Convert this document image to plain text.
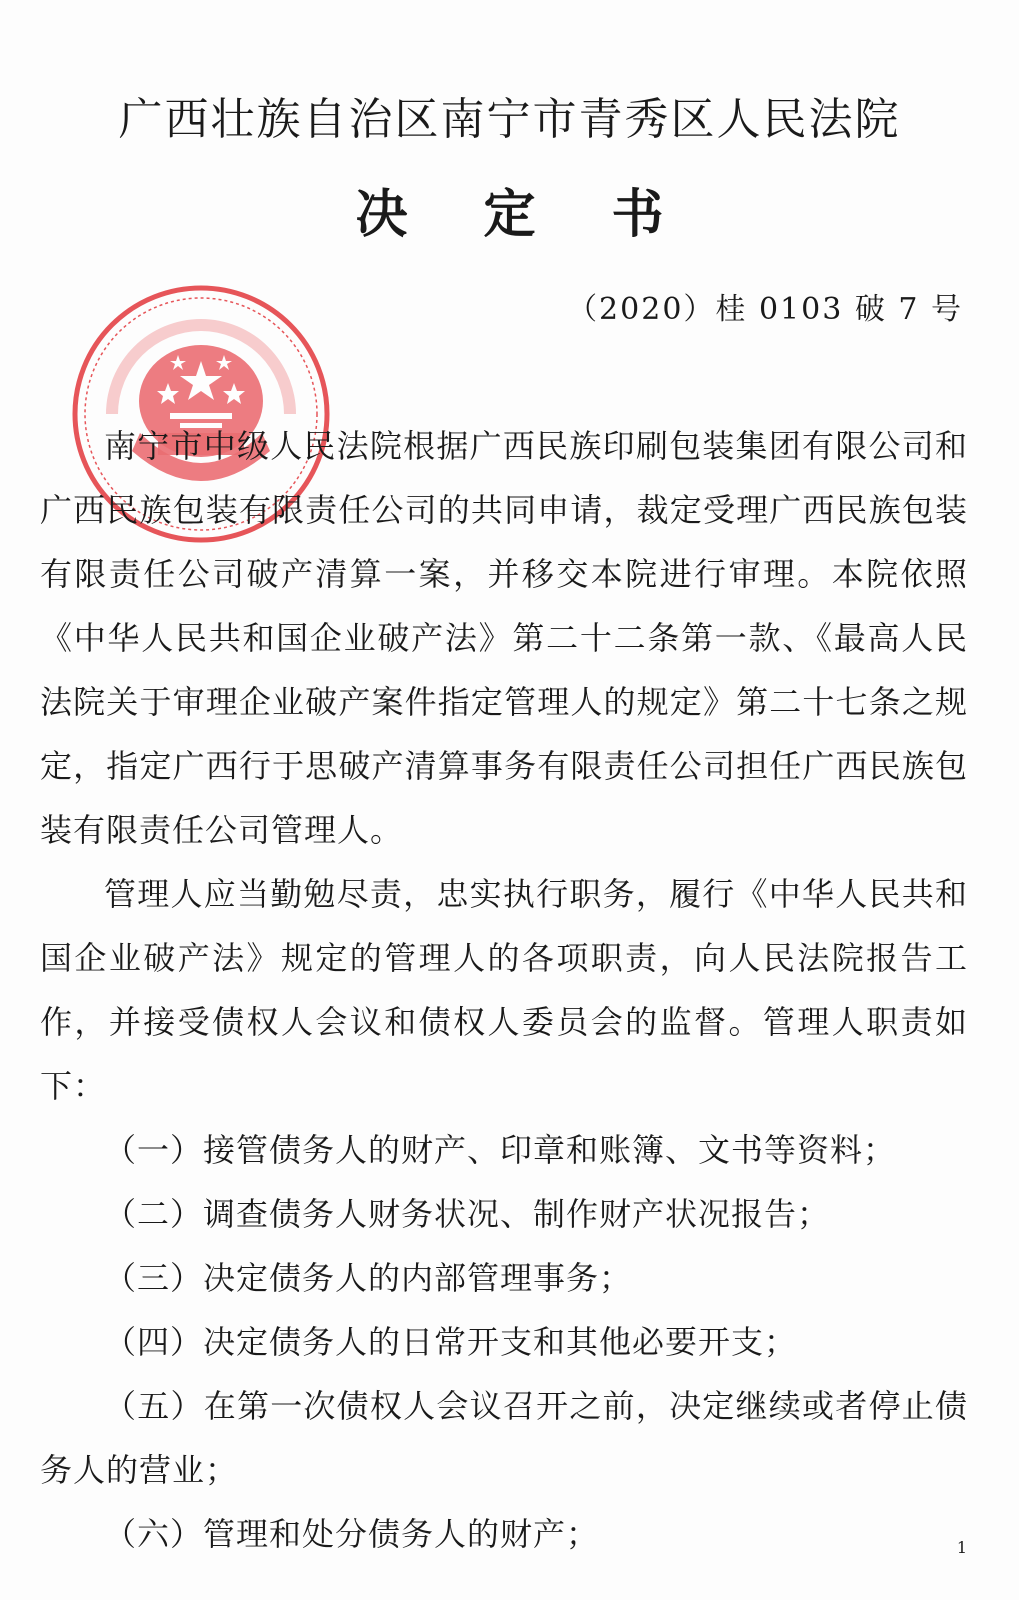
广西壮族自治区南宁市青秀区人民法院
决 定 书
（2020）桂 0103 破 7 号

南宁市中级人民法院根据广西民族印刷包装集团有限公司和广西民族包装有限责任公司的共同申请，裁定受理广西民族包装有限责任公司破产清算一案，并移交本院进行审理。本院依照《中华人民共和国企业破产法》第二十二条第一款、《最高人民法院关于审理企业破产案件指定管理人的规定》第二十七条之规定，指定广西行于思破产清算事务有限责任公司担任广西民族包装有限责任公司管理人。

管理人应当勤勉尽责，忠实执行职务，履行《中华人民共和国企业破产法》规定的管理人的各项职责，向人民法院报告工作，并接受债权人会议和债权人委员会的监督。管理人职责如下：

（一）接管债务人的财产、印章和账簿、文书等资料；

（二）调查债务人财务状况、制作财产状况报告；

（三）决定债务人的内部管理事务；

（四）决定债务人的日常开支和其他必要开支；

（五）在第一次债权人会议召开之前，决定继续或者停止债务人的营业；

（六）管理和处分债务人的财产；	1
